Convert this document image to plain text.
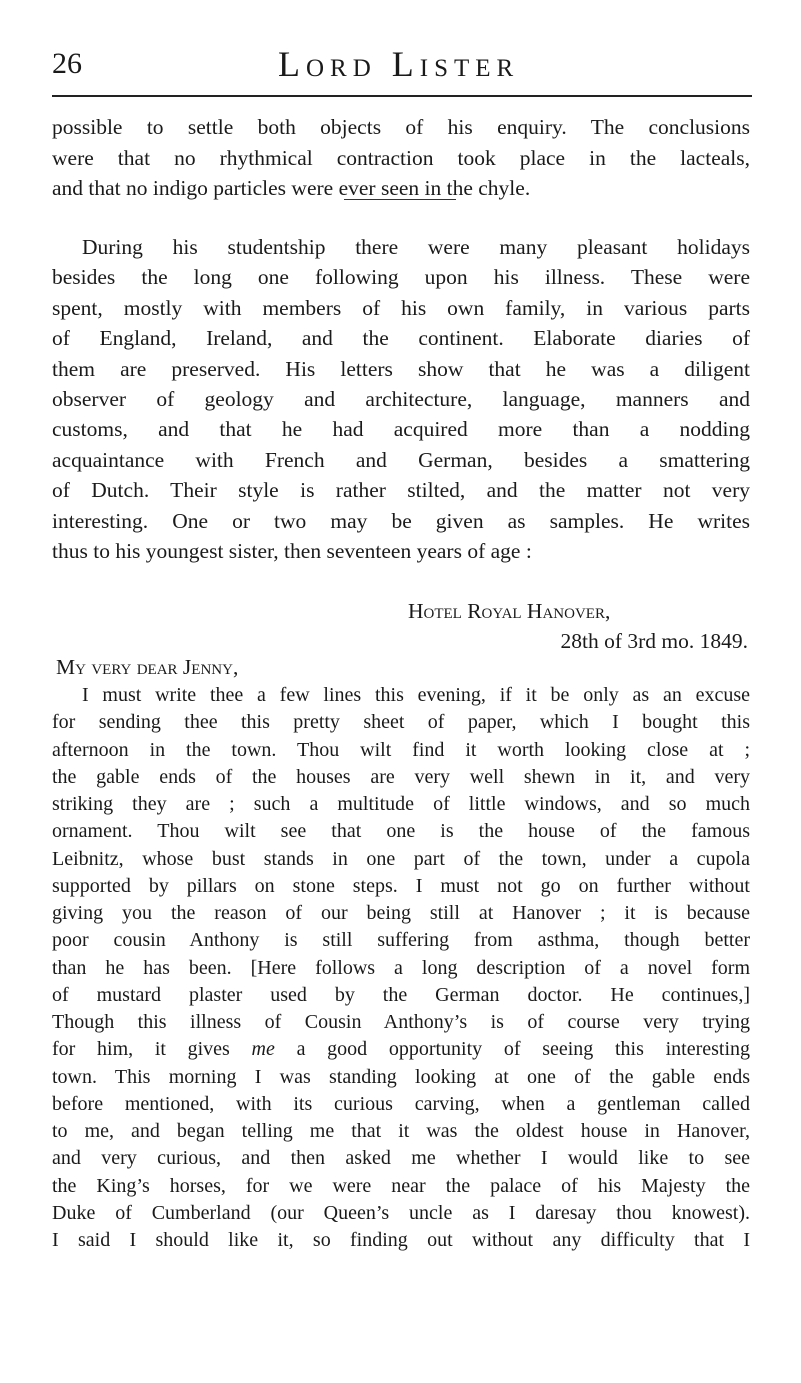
26	Lord Lister
possible to settle both objects of his enquiry. The conclusions
were that no rhythmical contraction took place in the lacteals,
and that no indigo particles were ever seen in the chyle.
During his studentship there were many pleasant holidays
besides the long one following upon his illness. These were
spent, mostly with members of his own family, in various parts
of England, Ireland, and the continent. Elaborate diaries of
them are preserved. His letters show that he was a diligent
observer of geology and architecture, language, manners and
customs, and that he had acquired more than a nodding
acquaintance with French and German, besides a smattering
of Dutch. Their style is rather stilted, and the matter not very
interesting. One or two may be given as samples. He writes
thus to his youngest sister, then seventeen years of age :
Hotel Royal Hanover,
28th of 3rd mo. 1849.
My very dear Jenny,
I must write thee a few lines this evening, if it be only as an excuse
for sending thee this pretty sheet of paper, which I bought this
afternoon in the town. Thou wilt find it worth looking close at ;
the gable ends of the houses are very well shewn in it, and very
striking they are ; such a multitude of little windows, and so much
ornament. Thou wilt see that one is the house of the famous
Leibnitz, whose bust stands in one part of the town, under a cupola
supported by pillars on stone steps. I must not go on further without
giving you the reason of our being still at Hanover ; it is because
poor cousin Anthony is still suffering from asthma, though better
than he has been. [Here follows a long description of a novel form
of mustard plaster used by the German doctor. He continues,]
Though this illness of Cousin Anthony’s is of course very trying
for him, it gives me a good opportunity of seeing this interesting
town. This morning I was standing looking at one of the gable ends
before mentioned, with its curious carving, when a gentleman called
to me, and began telling me that it was the oldest house in Hanover,
and very curious, and then asked me whether I would like to see
the King’s horses, for we were near the palace of his Majesty the
Duke of Cumberland (our Queen’s uncle as I daresay thou knowest).
I said I should like it, so finding out without any difficulty that I
